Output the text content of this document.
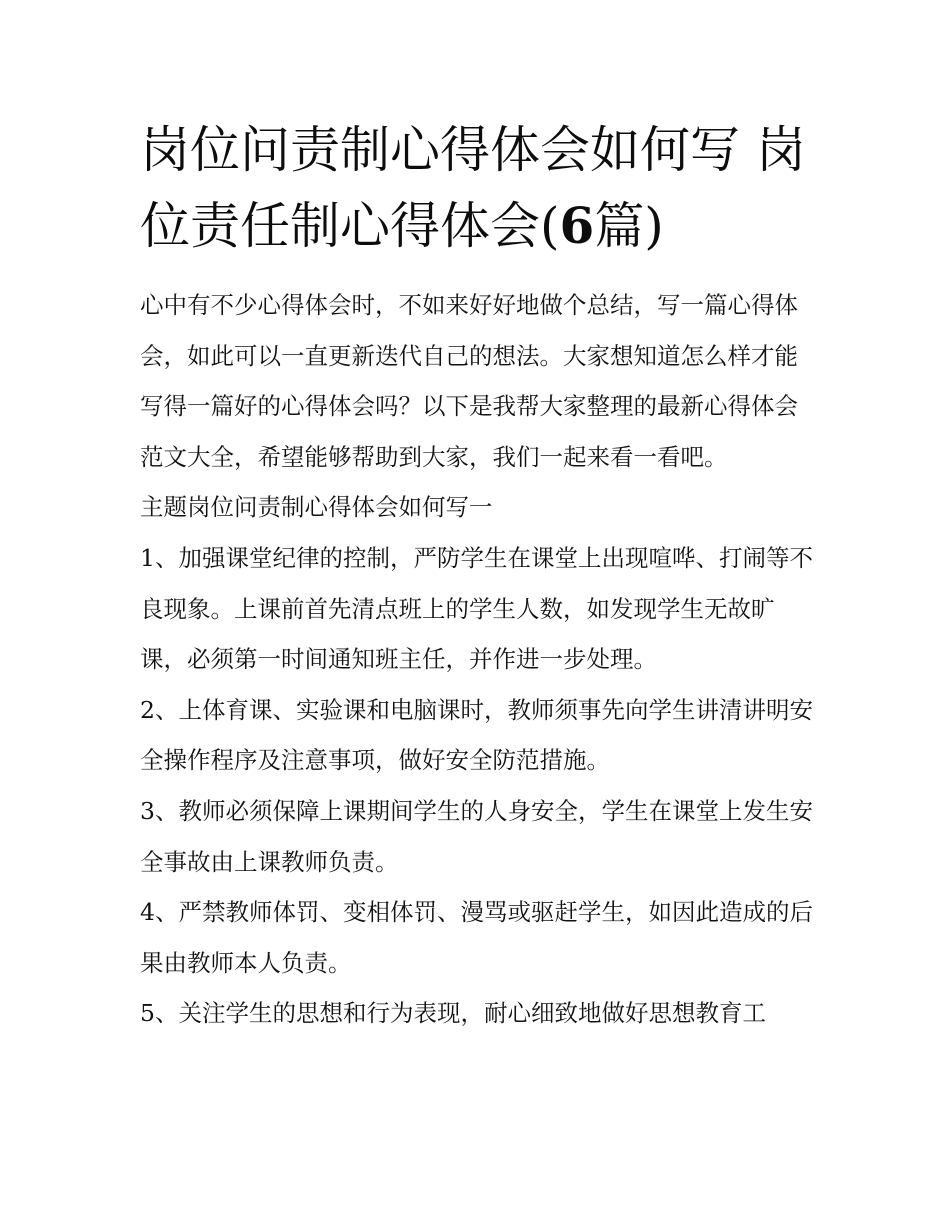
岗位问责制心得体会如何写 岗位责任制心得体会(6篇)

心中有不少心得体会时，不如来好好地做个总结，写一篇心得体会，如此可以一直更新迭代自己的想法。大家想知道怎么样才能写得一篇好的心得体会吗？以下是我帮大家整理的最新心得体会范文大全，希望能够帮助到大家，我们一起来看一看吧。

主题岗位问责制心得体会如何写一

1、加强课堂纪律的控制，严防学生在课堂上出现喧哗、打闹等不良现象。上课前首先清点班上的学生人数，如发现学生无故旷课，必须第一时间通知班主任，并作进一步处理。

2、上体育课、实验课和电脑课时，教师须事先向学生讲清讲明安全操作程序及注意事项，做好安全防范措施。

3、教师必须保障上课期间学生的人身安全，学生在课堂上发生安全事故由上课教师负责。

4、严禁教师体罚、变相体罚、漫骂或驱赶学生，如因此造成的后果由教师本人负责。

5、关注学生的思想和行为表现，耐心细致地做好思想教育工
